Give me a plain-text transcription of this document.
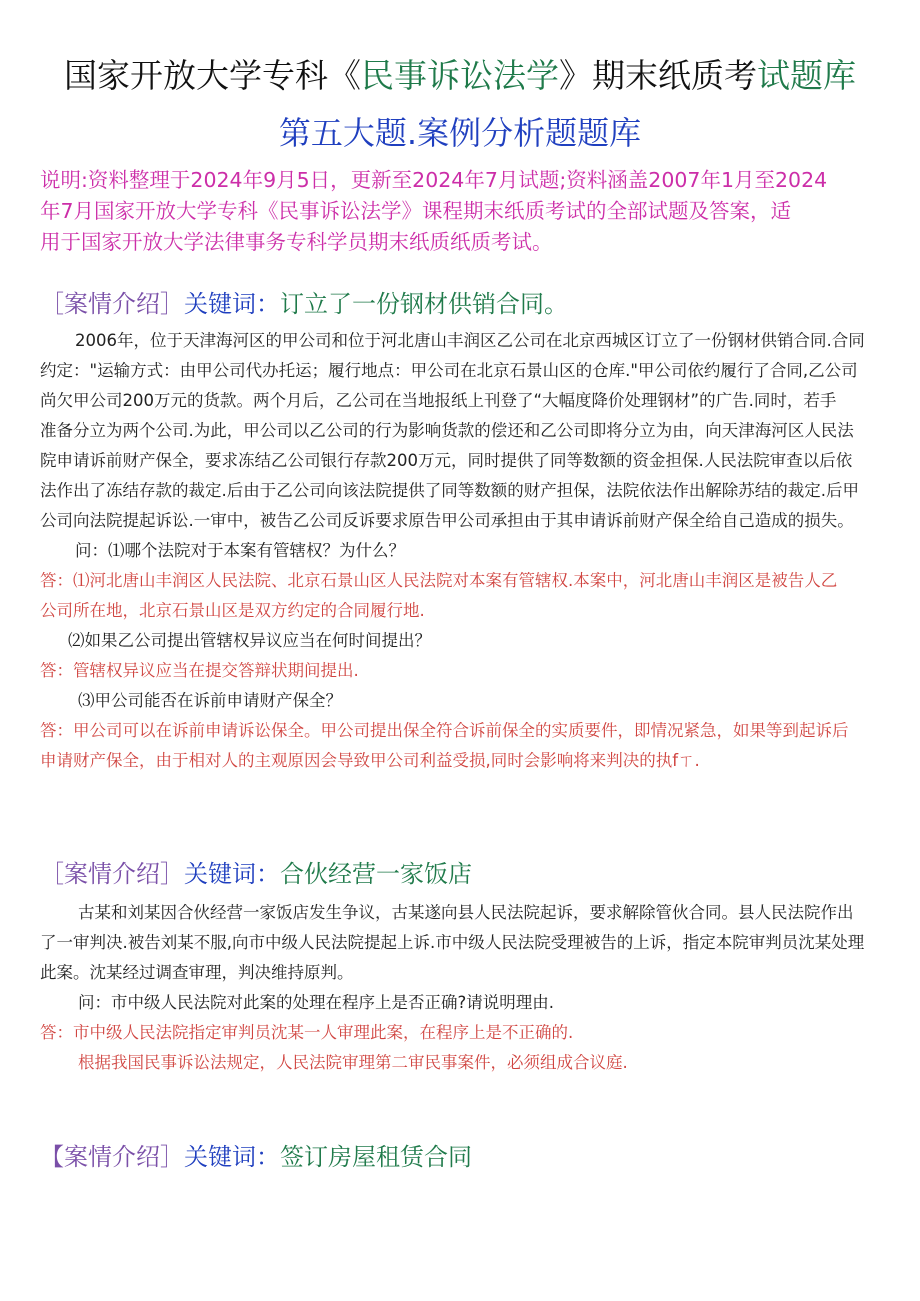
国家开放大学专科《民事诉讼法学》期末纸质考试题库
第五大题.案例分析题题库
说明:资料整理于2024年9月5日，更新至2024年7月试题;资料涵盖2007年1月至2024
年7月国家开放大学专科《民事诉讼法学》课程期末纸质考试的全部试题及答案，适
用于国家开放大学法律事务专科学员期末纸质纸质考试。
［案情介绍］关键词：订立了一份钢材供销合同。
2006年，位于天津海河区的甲公司和位于河北唐山丰润区乙公司在北京西城区订立了一份钢材供销合同.合同
约定："运输方式：由甲公司代办托运；履行地点：甲公司在北京石景山区的仓库."甲公司依约履行了合同,乙公司
尚欠甲公司200万元的货款。两个月后，乙公司在当地报纸上刊登了“大幅度降价处理钢材”的广告.同时，若手
准备分立为两个公司.为此，甲公司以乙公司的行为影响货款的偿还和乙公司即将分立为由，向天津海河区人民法
院申请诉前财产保全，要求冻结乙公司银行存款200万元，同时提供了同等数额的资金担保.人民法院审查以后依
法作出了冻结存款的裁定.后由于乙公司向该法院提供了同等数额的财产担保，法院依法作出解除苏结的裁定.后甲
公司向法院提起诉讼.一审中，被告乙公司反诉要求原告甲公司承担由于其申请诉前财产保全给自己造成的损失。
问：⑴哪个法院对于本案有管辖权？为什么？
答：⑴河北唐山丰润区人民法院、北京石景山区人民法院对本案有管辖权.本案中，河北唐山丰润区是被告人乙
公司所在地，北京石景山区是双方约定的合同履行地.
⑵如果乙公司提出管辖权异议应当在何时间提出？
答：管辖权异议应当在提交答辩状期间提出.
⑶甲公司能否在诉前申请财产保全？
答：甲公司可以在诉前申请诉讼保全。甲公司提出保全符合诉前保全的实质要件，即情况紧急，如果等到起诉后
申请财产保全，由于相对人的主观原因会导致甲公司利益受损,同时会影响将来判决的执fㄒ.
［案情介绍］关键词：合伙经营一家饭店
古某和刘某因合伙经营一家饭店发生争议，古某遂向县人民法院起诉，要求解除管伙合同。县人民法院作出
了一审判决.被告刘某不服,向市中级人民法院提起上诉.市中级人民法院受理被告的上诉，指定本院审判员沈某处理
此案。沈某经过调查审理，判决维持原判。
问：市中级人民法院对此案的处理在程序上是否正确?请说明理由.
答：市中级人民法院指定审判员沈某一人审理此案，在程序上是不正确的.
根据我国民事诉讼法规定，人民法院审理第二审民事案件，必须组成合议庭.
【案情介绍］关键词：签订房屋租赁合同
